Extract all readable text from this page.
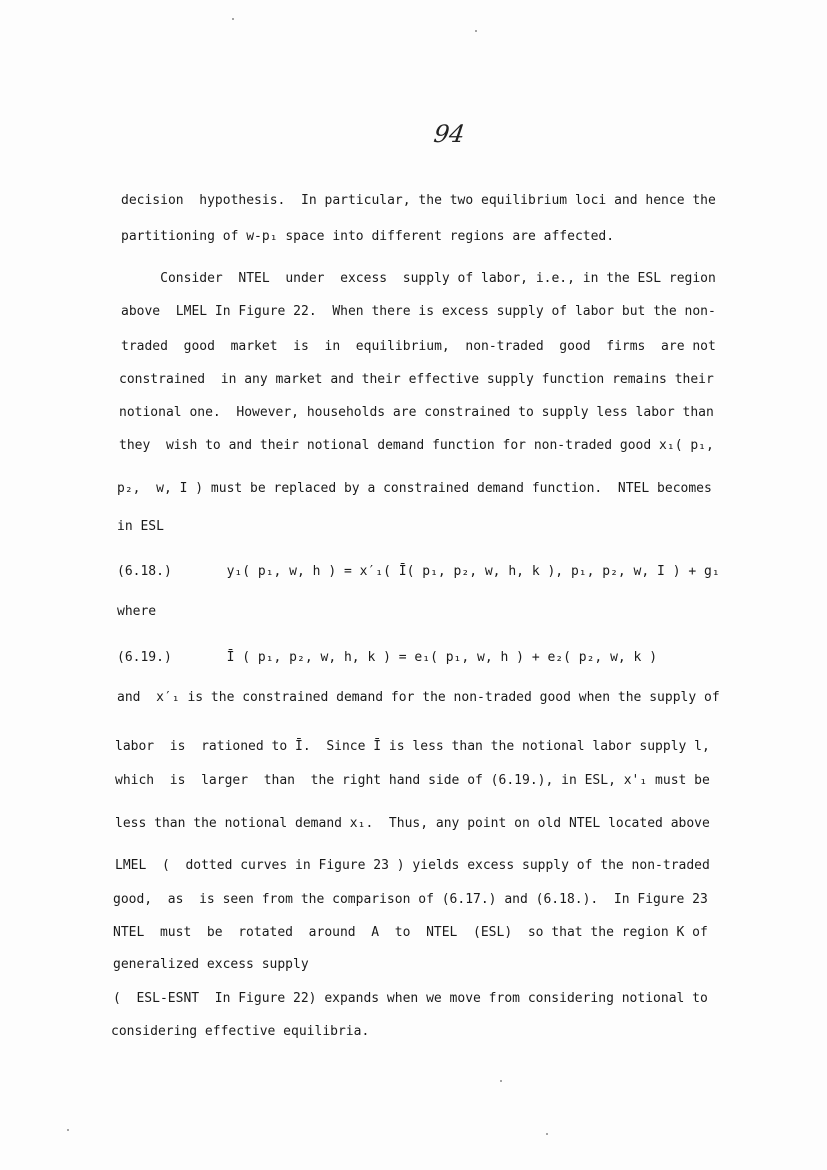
94
decision  hypothesis.  In particular, the two equilibrium loci and hence the
partitioning of w-p₁ space into different regions are affected.
Consider  NTEL  under  excess  supply of labor, i.e., in the ESL region
above  LMEL In Figure 22.  When there is excess supply of labor but the non-
traded  good  market  is  in  equilibrium,  non-traded  good  firms  are not
constrained  in any market and their effective supply function remains their
notional one.  However, households are constrained to supply less labor than
they  wish to and their notional demand function for non-traded good x₁( p₁,
p₂,  w, I ) must be replaced by a constrained demand function.  NTEL becomes
in ESL
(6.18.)       y₁( p₁, w, h ) = x′₁( Ī( p₁, p₂, w, h, k ), p₁, p₂, w, I ) + g₁
where
(6.19.)       Ī ( p₁, p₂, w, h, k ) = e₁( p₁, w, h ) + e₂( p₂, w, k )
and  x′₁ is the constrained demand for the non-traded good when the supply of
labor  is  rationed to Ī.  Since Ī is less than the notional labor supply l,
which  is  larger  than  the right hand side of (6.19.), in ESL, x'₁ must be
less than the notional demand x₁.  Thus, any point on old NTEL located above
LMEL  (  dotted curves in Figure 23 ) yields excess supply of the non-traded
good,  as  is seen from the comparison of (6.17.) and (6.18.).  In Figure 23
NTEL  must  be  rotated  around  A  to  NTEL  (ESL)  so that the region K of
generalized excess supply
(  ESL-ESNT  In Figure 22) expands when we move from considering notional to
considering effective equilibria.
